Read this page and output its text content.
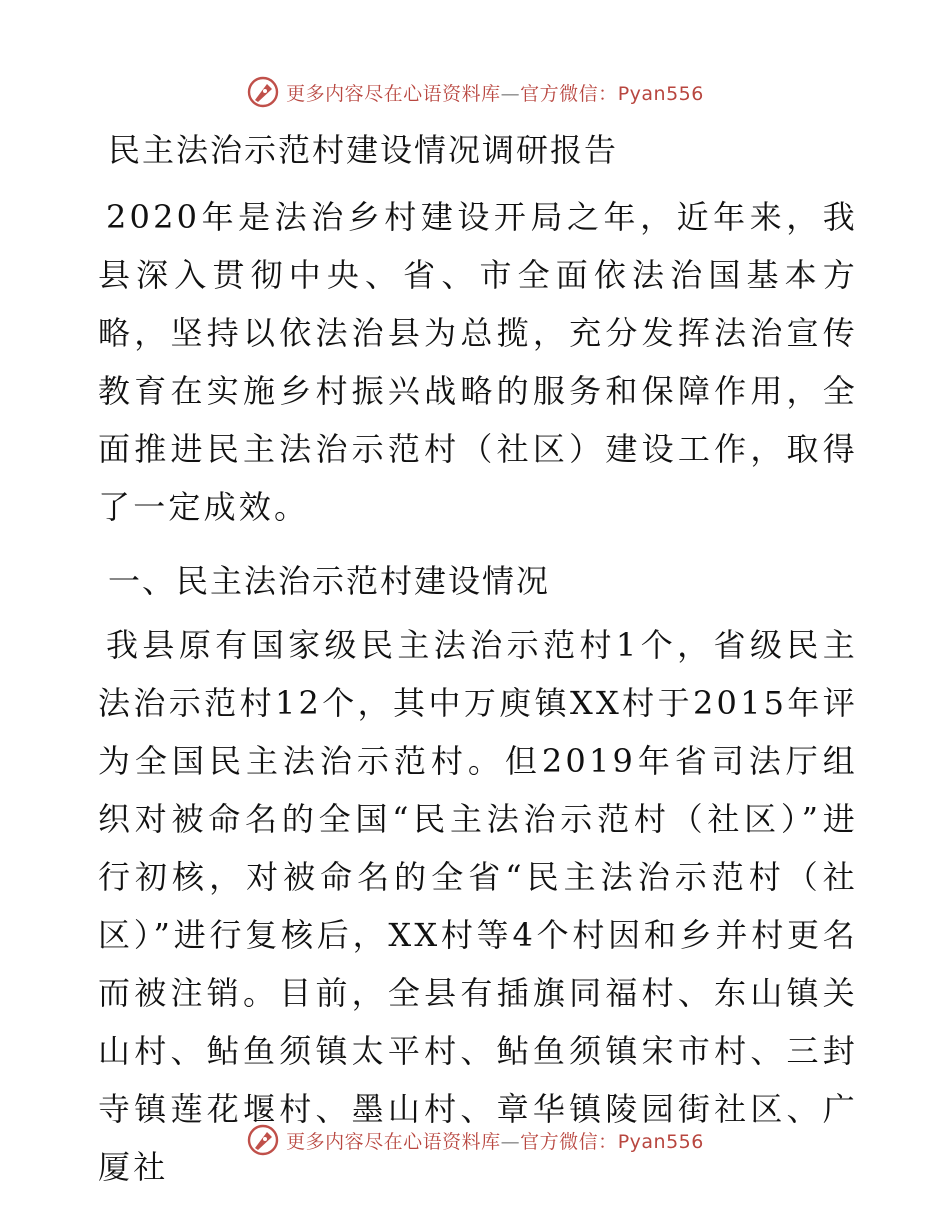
更多内容尽在心语资料库—官方微信：Pyan556
民主法治示范村建设情况调研报告

2020年是法治乡村建设开局之年，近年来，我县深入贯彻中央、省、市全面依法治国基本方略，坚持以依法治县为总揽，充分发挥法治宣传教育在实施乡村振兴战略的服务和保障作用，全面推进民主法治示范村（社区）建设工作，取得了一定成效。

一、民主法治示范村建设情况

我县原有国家级民主法治示范村1个，省级民主法治示范村12个，其中万庾镇XX村于2015年评为全国民主法治示范村。但2019年省司法厅组织对被命名的全国“民主法治示范村（社区）”进行初核，对被命名的全省“民主法治示范村（社区）”进行复核后，XX村等4个村因和乡并村更名而被注销。目前，全县有插旗同福村、东山镇关山村、鲇鱼须镇太平村、鲇鱼须镇宋市村、三封寺镇莲花堰村、墨山村、章华镇陵园街社区、广厦社

更多内容尽在心语资料库—官方微信：Pyan556
